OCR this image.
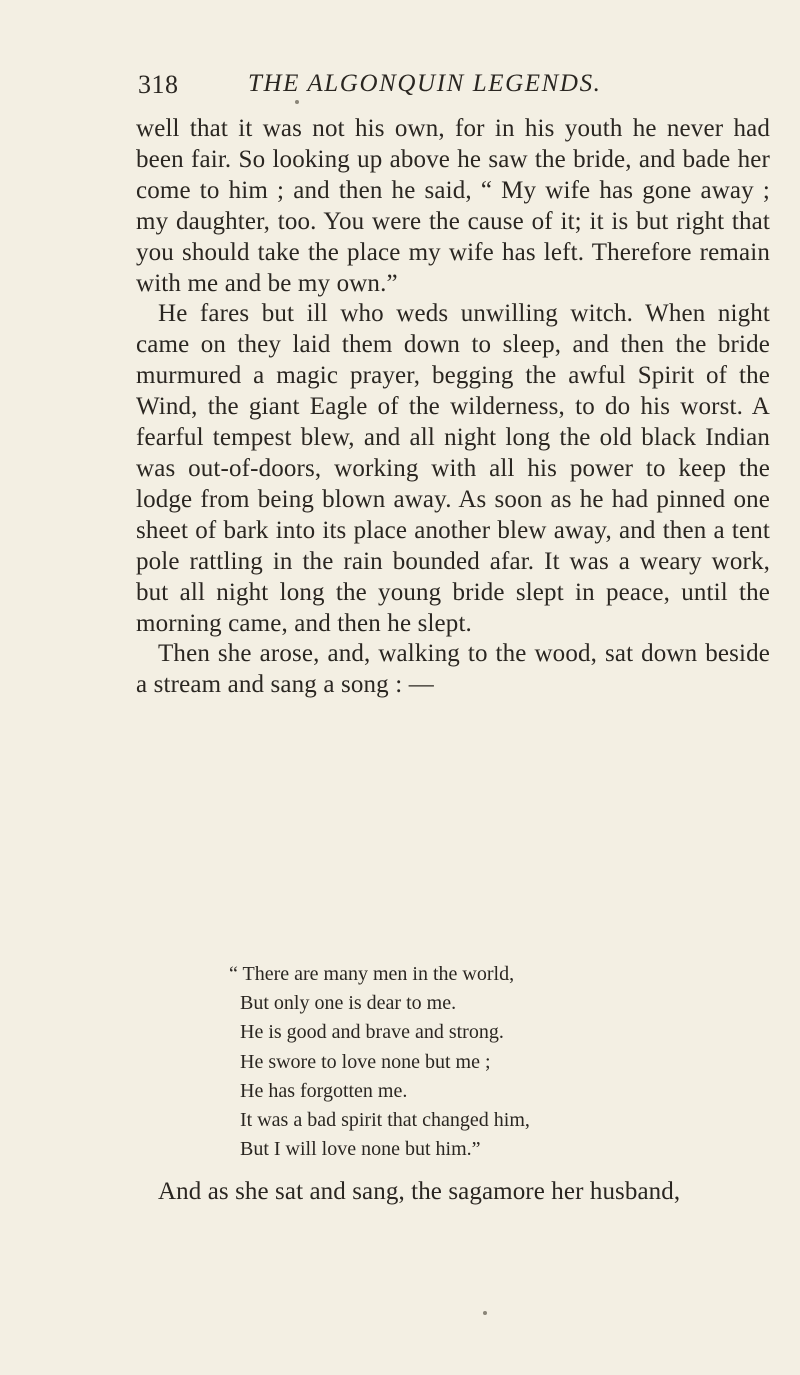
318	THE ALGONQUIN LEGENDS.

well that it was not his own, for in his youth he never had been fair. So looking up above he saw the bride, and bade her come to him ; and then he said, “ My wife has gone away ; my daughter, too. You were the cause of it; it is but right that you should take the place my wife has left. Therefore remain with me and be my own.”

He fares but ill who weds unwilling witch. When night came on they laid them down to sleep, and then the bride murmured a magic prayer, begging the awful Spirit of the Wind, the giant Eagle of the wilderness, to do his worst. A fearful tempest blew, and all night long the old black Indian was out-of-doors, working with all his power to keep the lodge from being blown away. As soon as he had pinned one sheet of bark into its place another blew away, and then a tent pole rattling in the rain bounded afar. It was a weary work, but all night long the young bride slept in peace, until the morning came, and then he slept.

Then she arose, and, walking to the wood, sat down beside a stream and sang a song : —

“ There are many men in the world,
But only one is dear to me.
He is good and brave and strong.
He swore to love none but me ;
He has forgotten me.
It was a bad spirit that changed him,
But I will love none but him.”
And as she sat and sang, the sagamore her husband,
